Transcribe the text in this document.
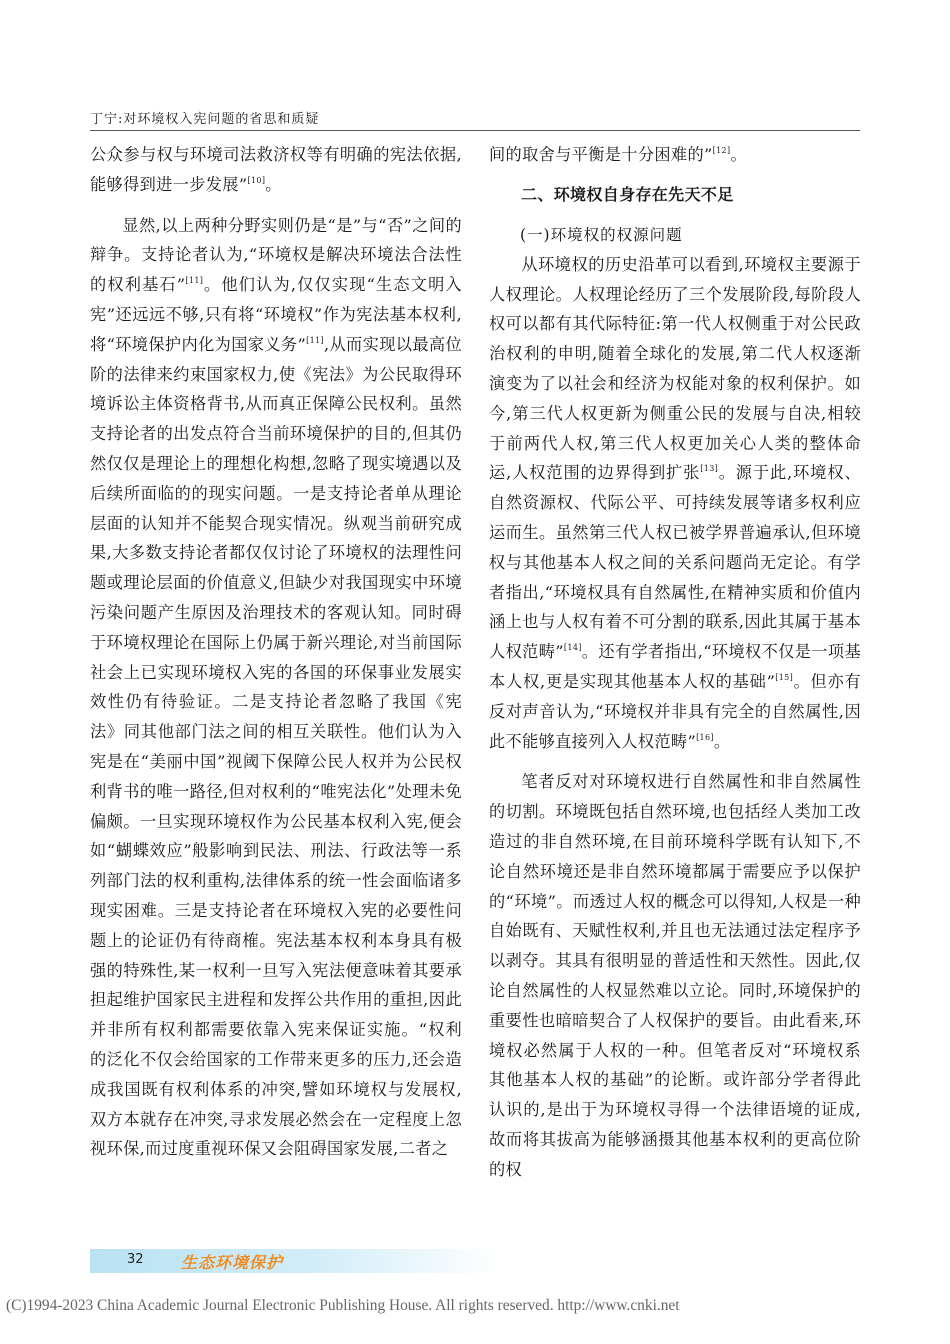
丁宁:对环境权入宪问题的省思和质疑

公众参与权与环境司法救济权等有明确的宪法依据,能够得到进一步发展”[10]。

显然,以上两种分野实则仍是“是”与“否”之间的辩争。支持论者认为,“环境权是解决环境法合法性的权利基石”[11]。他们认为,仅仅实现“生态文明入宪”还远远不够,只有将“环境权”作为宪法基本权利,将“环境保护内化为国家义务”[11],从而实现以最高位阶的法律来约束国家权力,使《宪法》为公民取得环境诉讼主体资格背书,从而真正保障公民权利。虽然支持论者的出发点符合当前环境保护的目的,但其仍然仅仅是理论上的理想化构想,忽略了现实境遇以及后续所面临的的现实问题。一是支持论者单从理论层面的认知并不能契合现实情况。纵观当前研究成果,大多数支持论者都仅仅讨论了环境权的法理性问题或理论层面的价值意义,但缺少对我国现实中环境污染问题产生原因及治理技术的客观认知。同时碍于环境权理论在国际上仍属于新兴理论,对当前国际社会上已实现环境权入宪的各国的环保事业发展实效性仍有待验证。二是支持论者忽略了我国《宪法》同其他部门法之间的相互关联性。他们认为入宪是在“美丽中国”视阈下保障公民人权并为公民权利背书的唯一路径,但对权利的“唯宪法化”处理未免偏颇。一旦实现环境权作为公民基本权利入宪,便会如“蝴蝶效应”般影响到民法、刑法、行政法等一系列部门法的权利重构,法律体系的统一性会面临诸多现实困难。三是支持论者在环境权入宪的必要性问题上的论证仍有待商榷。宪法基本权利本身具有极强的特殊性,某一权利一旦写入宪法便意味着其要承担起维护国家民主进程和发挥公共作用的重担,因此并非所有权利都需要依靠入宪来保证实施。“权利的泛化不仅会给国家的工作带来更多的压力,还会造成我国既有权利体系的冲突,譬如环境权与发展权,双方本就存在冲突,寻求发展必然会在一定程度上忽视环保,而过度重视环保又会阻碍国家发展,二者之

间的取舍与平衡是十分困难的”[12]。

二、环境权自身存在先天不足
(一)环境权的权源问题

从环境权的历史沿革可以看到,环境权主要源于人权理论。人权理论经历了三个发展阶段,每阶段人权可以都有其代际特征:第一代人权侧重于对公民政治权利的申明,随着全球化的发展,第二代人权逐渐演变为了以社会和经济为权能对象的权利保护。如今,第三代人权更新为侧重公民的发展与自决,相较于前两代人权,第三代人权更加关心人类的整体命运,人权范围的边界得到扩张[13]。源于此,环境权、自然资源权、代际公平、可持续发展等诸多权利应运而生。虽然第三代人权已被学界普遍承认,但环境权与其他基本人权之间的关系问题尚无定论。有学者指出,“环境权具有自然属性,在精神实质和价值内涵上也与人权有着不可分割的联系,因此其属于基本人权范畴”[14]。还有学者指出,“环境权不仅是一项基本人权,更是实现其他基本人权的基础”[15]。但亦有反对声音认为,“环境权并非具有完全的自然属性,因此不能够直接列入人权范畴”[16]。

笔者反对对环境权进行自然属性和非自然属性的切割。环境既包括自然环境,也包括经人类加工改造过的非自然环境,在目前环境科学既有认知下,不论自然环境还是非自然环境都属于需要应予以保护的“环境”。而透过人权的概念可以得知,人权是一种自始既有、天赋性权利,并且也无法通过法定程序予以剥夺。其具有很明显的普适性和天然性。因此,仅论自然属性的人权显然难以立论。同时,环境保护的重要性也暗暗契合了人权保护的要旨。由此看来,环境权必然属于人权的一种。但笔者反对“环境权系其他基本人权的基础”的论断。或许部分学者得此认识的,是出于为环境权寻得一个法律语境的证成,故而将其拔高为能够涵摄其他基本权利的更高位阶的权

32 生态环境保护
(C)1994-2023 China Academic Journal Electronic Publishing House. All rights reserved. http://www.cnki.net
